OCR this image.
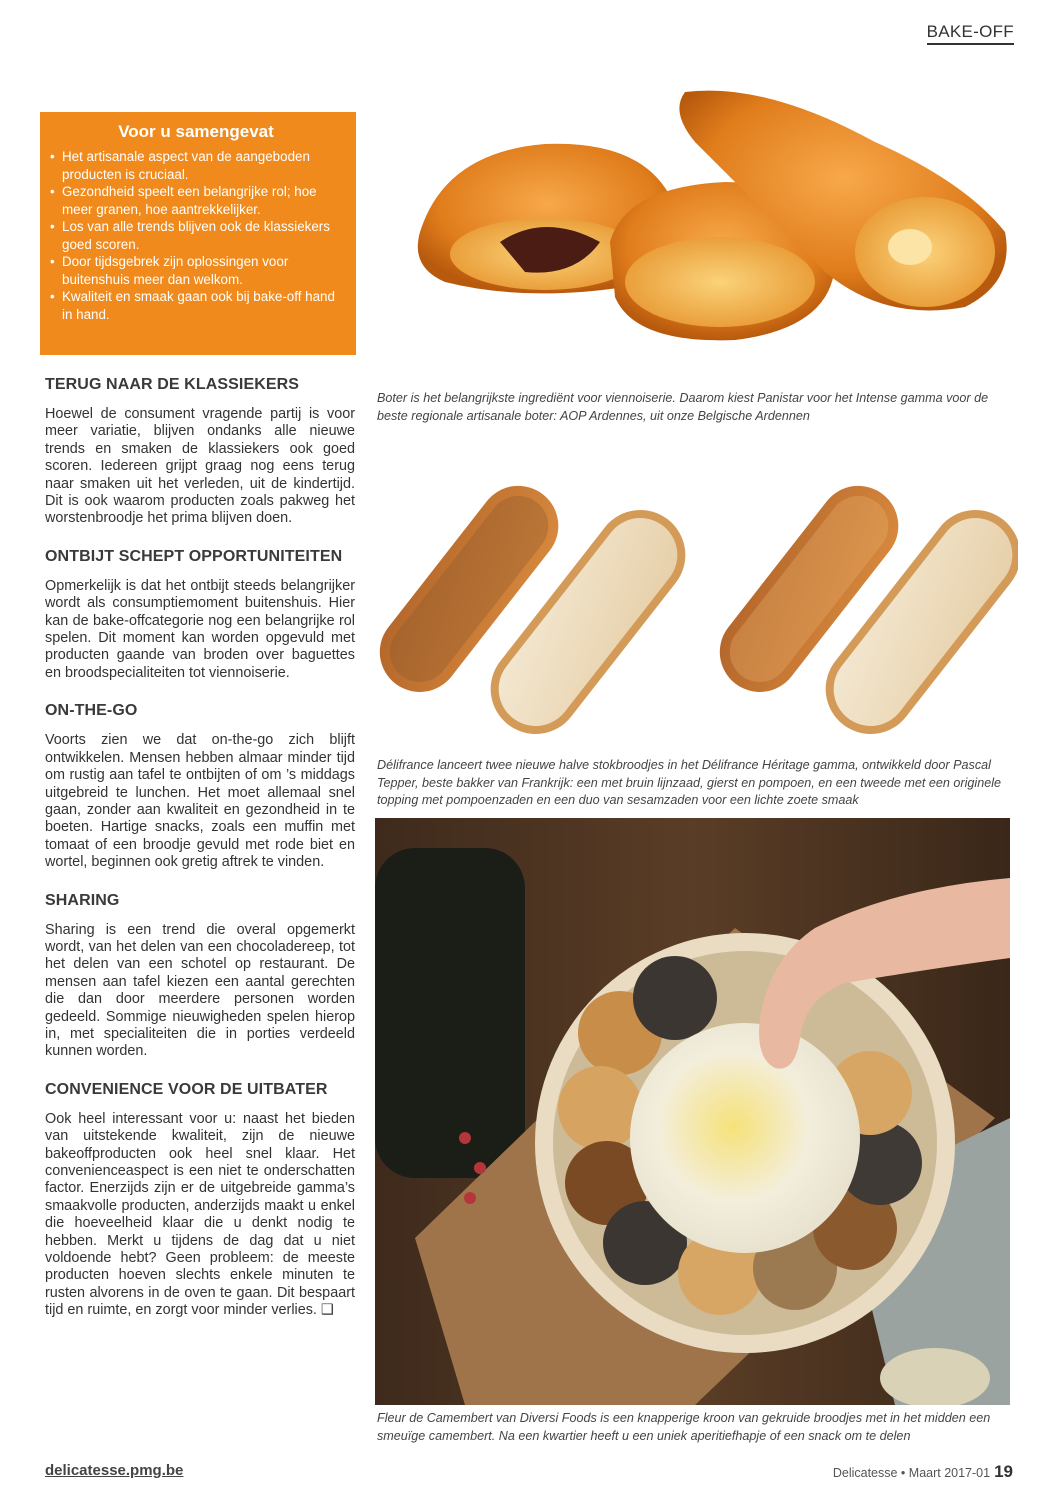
BAKE-OFF
Voor u samengevat
• Het artisanale aspect van de aangeboden producten is cruciaal.
• Gezondheid speelt een belangrijke rol; hoe meer granen, hoe aantrekkelijker.
• Los van alle trends blijven ook de klassiekers goed scoren.
• Door tijdsgebrek zijn oplossingen voor buitenshuis meer dan welkom.
• Kwaliteit en smaak gaan ook bij bake-off hand in hand.
TERUG NAAR DE KLASSIEKERS

Hoewel de consument vragende partij is voor meer variatie, blijven ondanks alle nieuwe trends en smaken de klassiekers ook goed scoren. Iedereen grijpt graag nog eens terug naar smaken uit het verleden, uit de kindertijd. Dit is ook waarom producten zoals pakweg het worstenbroodje het prima blijven doen.

ONTBIJT SCHEPT OPPORTUNITEITEN

Opmerkelijk is dat het ontbijt steeds belangrijker wordt als consumptiemoment buitenshuis. Hier kan de bake-offcategorie nog een belangrijke rol spelen. Dit moment kan worden opgevuld met producten gaande van broden over baguettes en broodspecialiteiten tot viennoiserie.

ON-THE-GO

Voorts zien we dat on-the-go zich blijft ontwikkelen. Mensen hebben almaar minder tijd om rustig aan tafel te ontbijten of om ’s middags uitgebreid te lunchen. Het moet allemaal snel gaan, zonder aan kwaliteit en gezondheid in te boeten. Hartige snacks, zoals een muffin met tomaat of een broodje gevuld met rode biet en wortel, beginnen ook gretig aftrek te vinden.

SHARING

Sharing is een trend die overal opgemerkt wordt, van het delen van een chocoladereep, tot het delen van een schotel op restaurant. De mensen aan tafel kiezen een aantal gerechten die dan door meerdere personen worden gedeeld. Sommige nieuwigheden spelen hierop in, met specialiteiten die in porties verdeeld kunnen worden.

CONVENIENCE VOOR DE UITBATER

Ook heel interessant voor u: naast het bieden van uitstekende kwaliteit, zijn de nieuwe bakeoffproducten ook heel snel klaar. Het convenienceaspect is een niet te onderschatten factor. Enerzijds zijn er de uitgebreide gamma’s smaakvolle producten, anderzijds maakt u enkel die hoeveelheid klaar die u denkt nodig te hebben. Merkt u tijdens de dag dat u niet voldoende hebt? Geen probleem: de meeste producten hoeven slechts enkele minuten te rusten alvorens in de oven te gaan. Dit bespaart tijd en ruimte, en zorgt voor minder verlies. ❑

Boter is het belangrijkste ingrediënt voor viennoiserie. Daarom kiest Panistar voor het Intense gamma voor de beste regionale artisanale boter: AOP Ardennes, uit onze Belgische Ardennen
Délifrance lanceert twee nieuwe halve stokbroodjes in het Délifrance Héritage gamma, ontwikkeld door Pascal Tepper, beste bakker van Frankrijk: een met bruin lijnzaad, gierst en pompoen, en een tweede met een originele topping met pompoenzaden en een duo van sesamzaden voor een lichte zoete smaak
Fleur de Camembert van Diversi Foods is een knapperige kroon van gekruide broodjes met in het midden een smeuïge camembert. Na een kwartier heeft u een uniek aperitiefhapje of een snack om te delen
delicatesse.pmg.be	Delicatesse • Maart 2017-01 19
